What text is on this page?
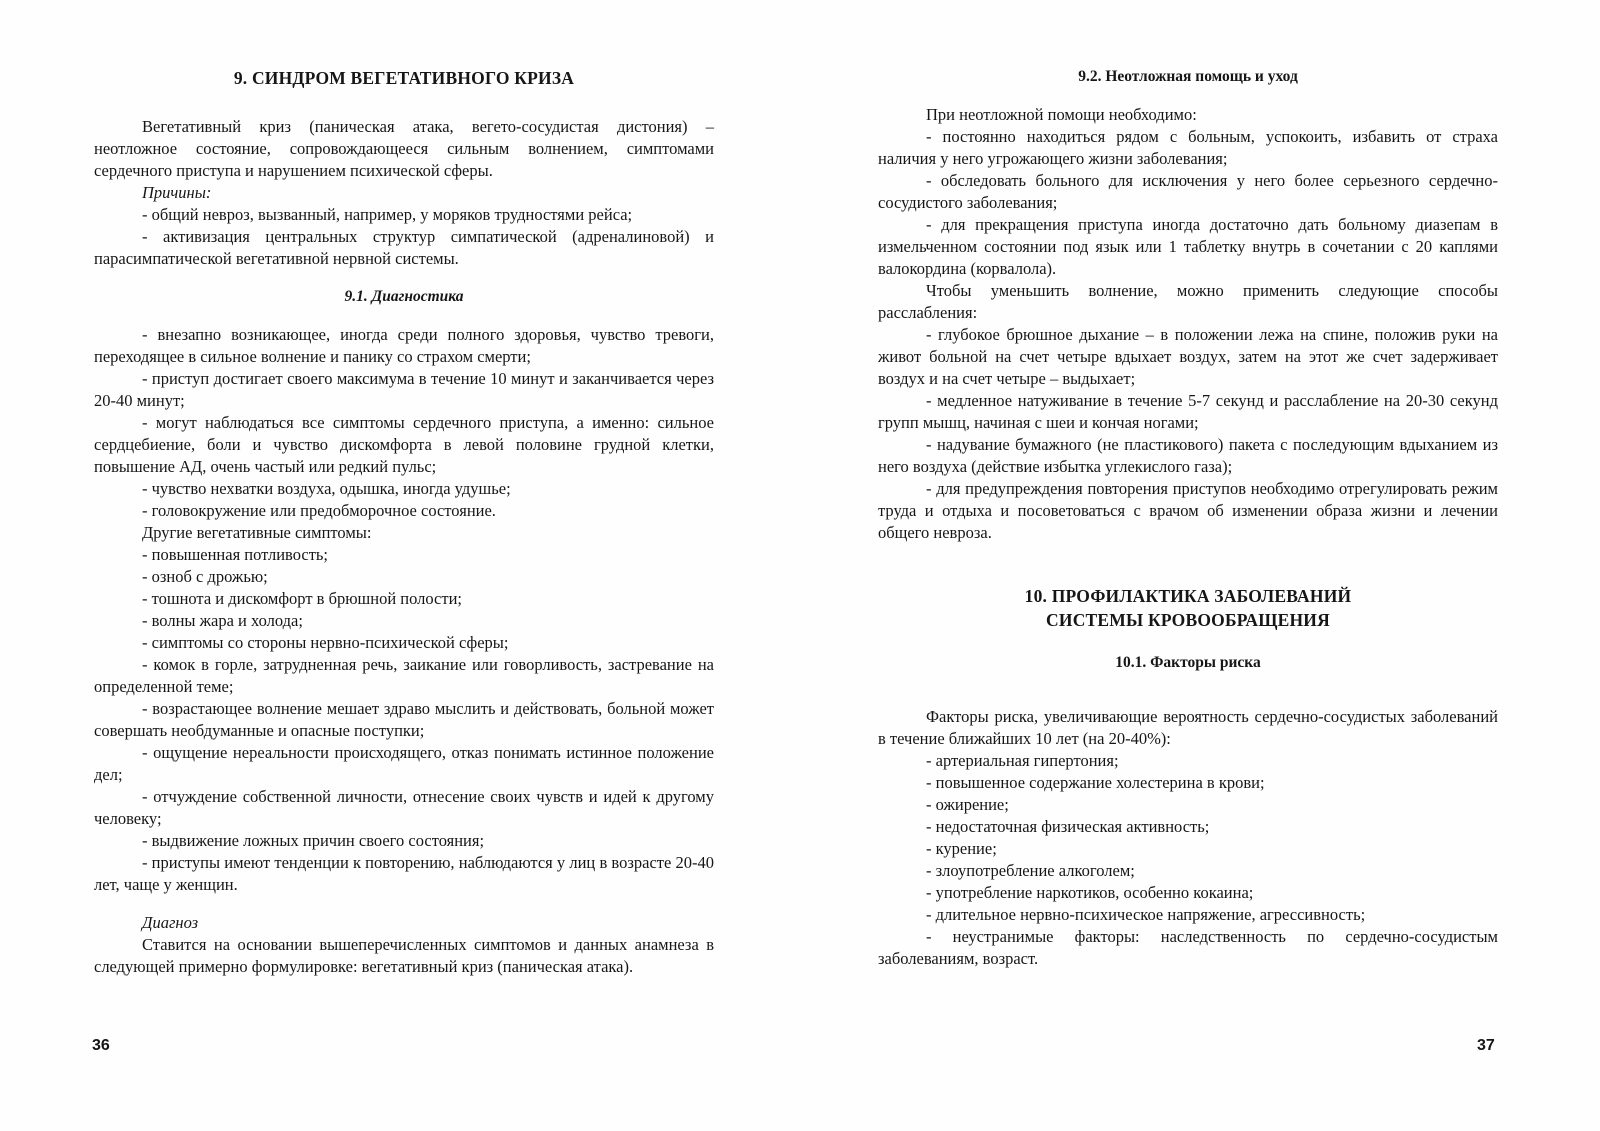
9. СИНДРОМ ВЕГЕТАТИВНОГО КРИЗА

Вегетативный криз (паническая атака, вегето-сосудистая дистония) – неотложное состояние, сопровождающееся сильным волнением, симптомами сердечного приступа и нарушением психической сферы.

Причины:

- общий невроз, вызванный, например, у моряков трудностями рейса;

- активизация центральных структур симпатической (адреналиновой) и парасимпатической вегетативной нервной системы.

9.1. Диагностика

- внезапно возникающее, иногда среди полного здоровья, чувство тревоги, переходящее в сильное волнение и панику со страхом смерти;

- приступ достигает своего максимума в течение 10 минут и заканчивается через 20-40 минут;

- могут наблюдаться все симптомы сердечного приступа, а именно: сильное сердцебиение, боли и чувство дискомфорта в левой половине грудной клетки, повышение АД, очень частый или редкий пульс;

- чувство нехватки воздуха, одышка, иногда удушье;

- головокружение или предобморочное состояние.

Другие вегетативные симптомы:

- повышенная потливость;

- озноб с дрожью;

- тошнота и дискомфорт в брюшной полости;

- волны жара и холода;

- симптомы со стороны нервно-психической сферы;

- комок в горле, затрудненная речь, заикание или говорливость, застревание на определенной теме;

- возрастающее волнение мешает здраво мыслить и действовать, больной может совершать необдуманные и опасные поступки;

- ощущение нереальности происходящего, отказ понимать истинное положение дел;

- отчуждение собственной личности, отнесение своих чувств и идей к другому человеку;

- выдвижение ложных причин своего состояния;

- приступы имеют тенденции к повторению, наблюдаются у лиц в возрасте 20-40 лет, чаще у женщин.

Диагноз

Ставится на основании вышеперечисленных симптомов и данных анамнеза в следующей примерно формулировке: вегетативный криз (паническая атака).

36
9.2. Неотложная помощь и уход

При неотложной помощи необходимо:

- постоянно находиться рядом с больным, успокоить, избавить от страха наличия у него угрожающего жизни заболевания;

- обследовать больного для исключения у него более серьезного сердечно-сосудистого заболевания;

- для прекращения приступа иногда достаточно дать больному диазепам в измельченном состоянии под язык или 1 таблетку внутрь в сочетании с 20 каплями валокордина (корвалола).

Чтобы уменьшить волнение, можно применить следующие способы расслабления:

- глубокое брюшное дыхание – в положении лежа на спине, положив руки на живот больной на счет четыре вдыхает воздух, затем на этот же счет задерживает воздух и на счет четыре – выдыхает;

- медленное натуживание в течение 5-7 секунд и расслабление на 20-30 секунд групп мышц, начиная с шеи и кончая ногами;

- надувание бумажного (не пластикового) пакета с последующим вдыханием из него воздуха (действие избытка углекислого газа);

- для предупреждения повторения приступов необходимо отрегулировать режим труда и отдыха и посоветоваться с врачом об изменении образа жизни и лечении общего невроза.

10. ПРОФИЛАКТИКА ЗАБОЛЕВАНИЙ
СИСТЕМЫ КРОВООБРАЩЕНИЯ
10.1. Факторы риска

Факторы риска, увеличивающие вероятность сердечно-сосудистых заболеваний в течение ближайших 10 лет (на 20-40%):

- артериальная гипертония;

- повышенное содержание холестерина в крови;

- ожирение;

- недостаточная физическая активность;

- курение;

- злоупотребление алкоголем;

- употребление наркотиков, особенно кокаина;

- длительное нервно-психическое напряжение, агрессивность;

- неустранимые факторы: наследственность по сердечно-сосудистым заболеваниям, возраст.

37
